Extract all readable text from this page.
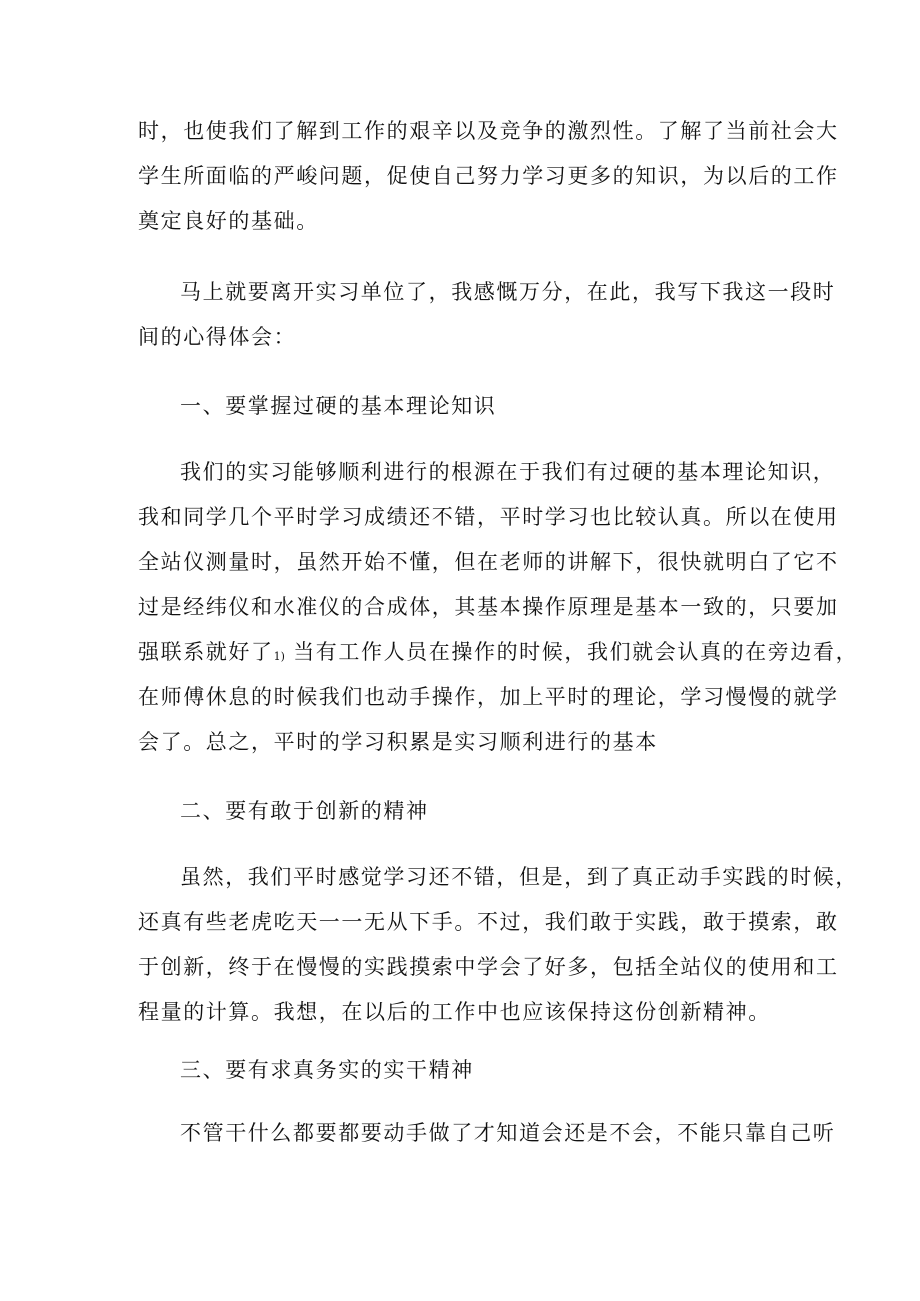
时，也使我们了解到工作的艰辛以及竞争的激烈性。了解了当前社会大
学生所面临的严峻问题，促使自己努力学习更多的知识，为以后的工作
奠定良好的基础。
马上就要离开实习单位了，我感慨万分，在此，我写下我这一段时
间的心得体会：
一、要掌握过硬的基本理论知识
我们的实习能够顺利进行的根源在于我们有过硬的基本理论知识，
我和同学几个平时学习成绩还不错，平时学习也比较认真。所以在使用
全站仪测量时，虽然开始不懂，但在老师的讲解下，很快就明白了它不
过是经纬仪和水准仪的合成体，其基本操作原理是基本一致的，只要加
强联系就好了1) 当有工作人员在操作的时候，我们就会认真的在旁边看，
在师傅休息的时候我们也动手操作，加上平时的理论，学习慢慢的就学
会了。总之，平时的学习积累是实习顺利进行的基本
二、要有敢于创新的精神
虽然，我们平时感觉学习还不错，但是，到了真正动手实践的时候，
还真有些老虎吃天一一无从下手。不过，我们敢于实践，敢于摸索，敢
于创新，终于在慢慢的实践摸索中学会了好多，包括全站仪的使用和工
程量的计算。我想，在以后的工作中也应该保持这份创新精神。
三、要有求真务实的实干精神
不管干什么都要都要动手做了才知道会还是不会，不能只靠自己听
